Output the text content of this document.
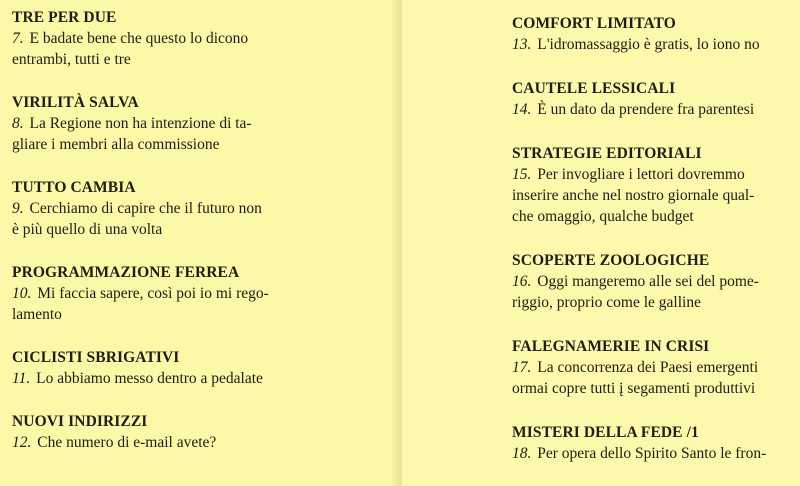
TRE PER DUE

7. E badate bene che questo lo dicono
entrambi, tutti e tre

VIRILITÀ SALVA

8. La Regione non ha intenzione di ta-
gliare i membri alla commissione

TUTTO CAMBIA

9. Cerchiamo di capire che il futuro non
è più quello di una volta

PROGRAMMAZIONE FERREA

10. Mi faccia sapere, così poi io mi rego-
lamento

CICLISTI SBRIGATIVI

11. Lo abbiamo messo dentro a pedalate

NUOVI INDIRIZZI

12. Che numero di e-mail avete?

COMFORT LIMITATO

13. L'idromassaggio è gratis, lo iono no

CAUTELE LESSICALI

14. È un dato da prendere fra parentesi

STRATEGIE EDITORIALI

15. Per invogliare i lettori dovremmo
inserire anche nel nostro giornale qual-
che omaggio, qualche budget

SCOPERTE ZOOLOGICHE

16. Oggi mangeremo alle sei del pome-
riggio, proprio come le galline

FALEGNAMERIE IN CRISI

17. La concorrenza dei Paesi emergenti
ormai copre tutti į segamenti produttivi

MISTERI DELLA FEDE /1

18. Per opera dello Spirito Santo le fron-
